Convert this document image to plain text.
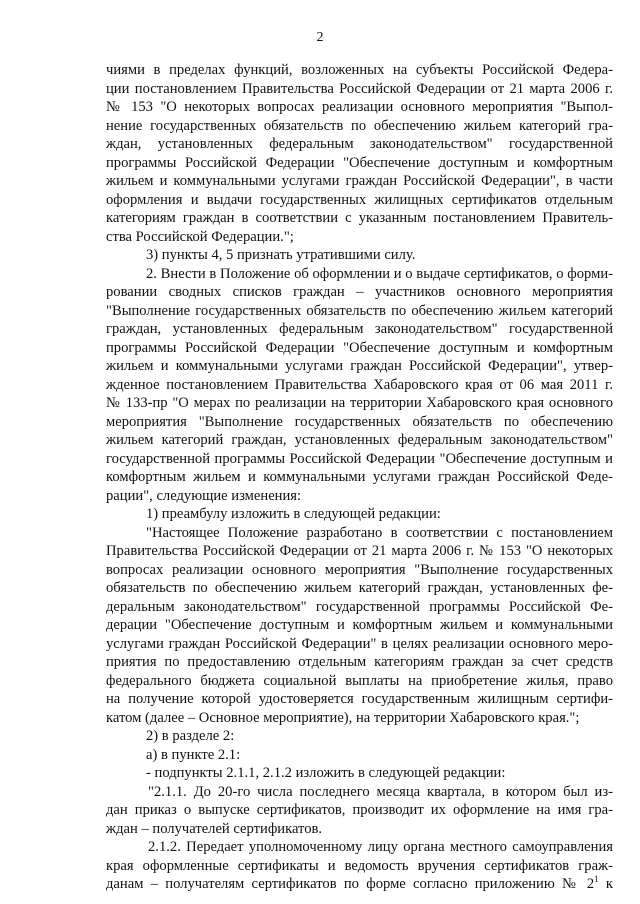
2
чиями в пределах функций, возложенных на субъекты Российской Федера-
ции постановлением Правительства Российской Федерации от 21 марта 2006 г.
№ 153 "О некоторых вопросах реализации основного мероприятия "Выпол-
нение государственных обязательств по обеспечению жильем категорий гра-
ждан, установленных федеральным законодательством" государственной
программы Российской Федерации "Обеспечение доступным и комфортным
жильем и коммунальными услугами граждан Российской Федерации", в части
оформления и выдачи государственных жилищных сертификатов отдельным
категориям граждан в соответствии с указанным постановлением Правитель-
ства Российской Федерации.";
3) пункты 4, 5 признать утратившими силу.
2. Внести в Положение об оформлении и о выдаче сертификатов, о форми-
ровании сводных списков граждан – участников основного мероприятия
"Выполнение государственных обязательств по обеспечению жильем категорий
граждан, установленных федеральным законодательством" государственной
программы Российской Федерации "Обеспечение доступным и комфортным
жильем и коммунальными услугами граждан Российской Федерации", утвер-
жденное постановлением Правительства Хабаровского края от 06 мая 2011 г.
№ 133-пр "О мерах по реализации на территории Хабаровского края основного
мероприятия "Выполнение государственных обязательств по обеспечению
жильем категорий граждан, установленных федеральным законодательством"
государственной программы Российской Федерации "Обеспечение доступным и
комфортным жильем и коммунальными услугами граждан Российской Феде-
рации", следующие изменения:
1) преамбулу изложить в следующей редакции:
"Настоящее Положение разработано в соответствии с постановлением
Правительства Российской Федерации от 21 марта 2006 г. № 153 "О некоторых
вопросах реализации основного мероприятия "Выполнение государственных
обязательств по обеспечению жильем категорий граждан, установленных фе-
деральным законодательством" государственной программы Российской Фе-
дерации "Обеспечение доступным и комфортным жильем и коммунальными
услугами граждан Российской Федерации" в целях реализации основного меро-
приятия по предоставлению отдельным категориям граждан за счет средств
федерального бюджета социальной выплаты на приобретение жилья, право
на получение которой удостоверяется государственным жилищным сертифи-
катом (далее – Основное мероприятие), на территории Хабаровского края.";
2) в разделе 2:
а) в пункте 2.1:
- подпункты 2.1.1, 2.1.2 изложить в следующей редакции:
"2.1.1. До 20-го числа последнего месяца квартала, в котором был из-
дан приказ о выпуске сертификатов, производит их оформление на имя гра-
ждан – получателей сертификатов.
2.1.2. Передает уполномоченному лицу органа местного самоуправления
края оформленные сертификаты и ведомость вручения сертификатов граж-
данам – получателям сертификатов по форме согласно приложению № $2^1$ к
